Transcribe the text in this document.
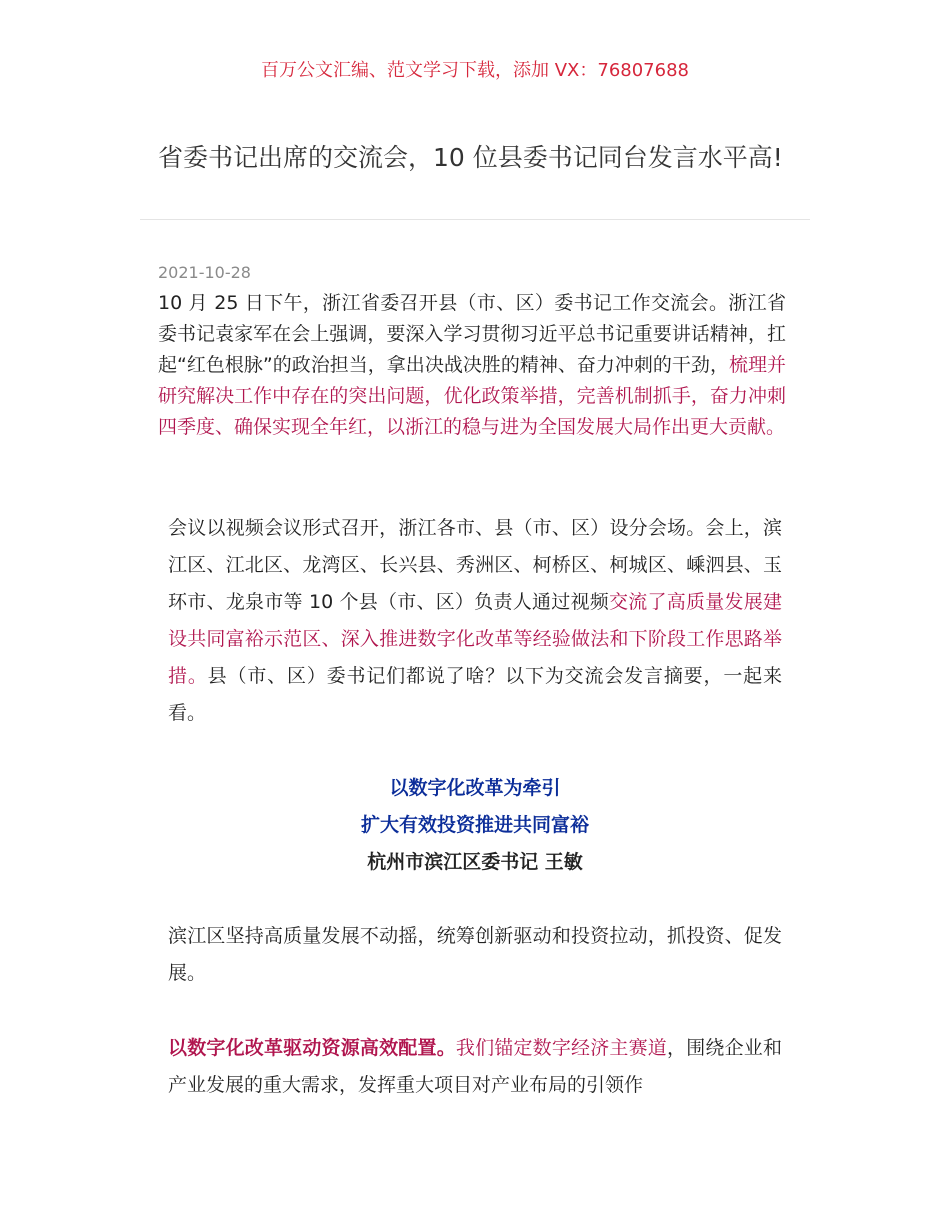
百万公文汇编、范文学习下载，添加 VX：76807688
省委书记出席的交流会，10 位县委书记同台发言水平高!
2021-10-28

10 月 25 日下午，浙江省委召开县（市、区）委书记工作交流会。浙江省委书记袁家军在会上强调，要深入学习贯彻习近平总书记重要讲话精神，扛起“红色根脉”的政治担当，拿出决战决胜的精神、奋力冲刺的干劲，梳理并研究解决工作中存在的突出问题，优化政策举措，完善机制抓手，奋力冲刺四季度、确保实现全年红，以浙江的稳与进为全国发展大局作出更大贡献。

会议以视频会议形式召开，浙江各市、县（市、区）设分会场。会上，滨江区、江北区、龙湾区、长兴县、秀洲区、柯桥区、柯城区、嵊泗县、玉环市、龙泉市等 10 个县（市、区）负责人通过视频交流了高质量发展建设共同富裕示范区、深入推进数字化改革等经验做法和下阶段工作思路举措。县（市、区）委书记们都说了啥？以下为交流会发言摘要，一起来看。

以数字化改革为牵引
扩大有效投资推进共同富裕
杭州市滨江区委书记 王敏

滨江区坚持高质量发展不动摇，统筹创新驱动和投资拉动，抓投资、促发展。

以数字化改革驱动资源高效配置。我们锚定数字经济主赛道，围绕企业和产业发展的重大需求，发挥重大项目对产业布局的引领作
